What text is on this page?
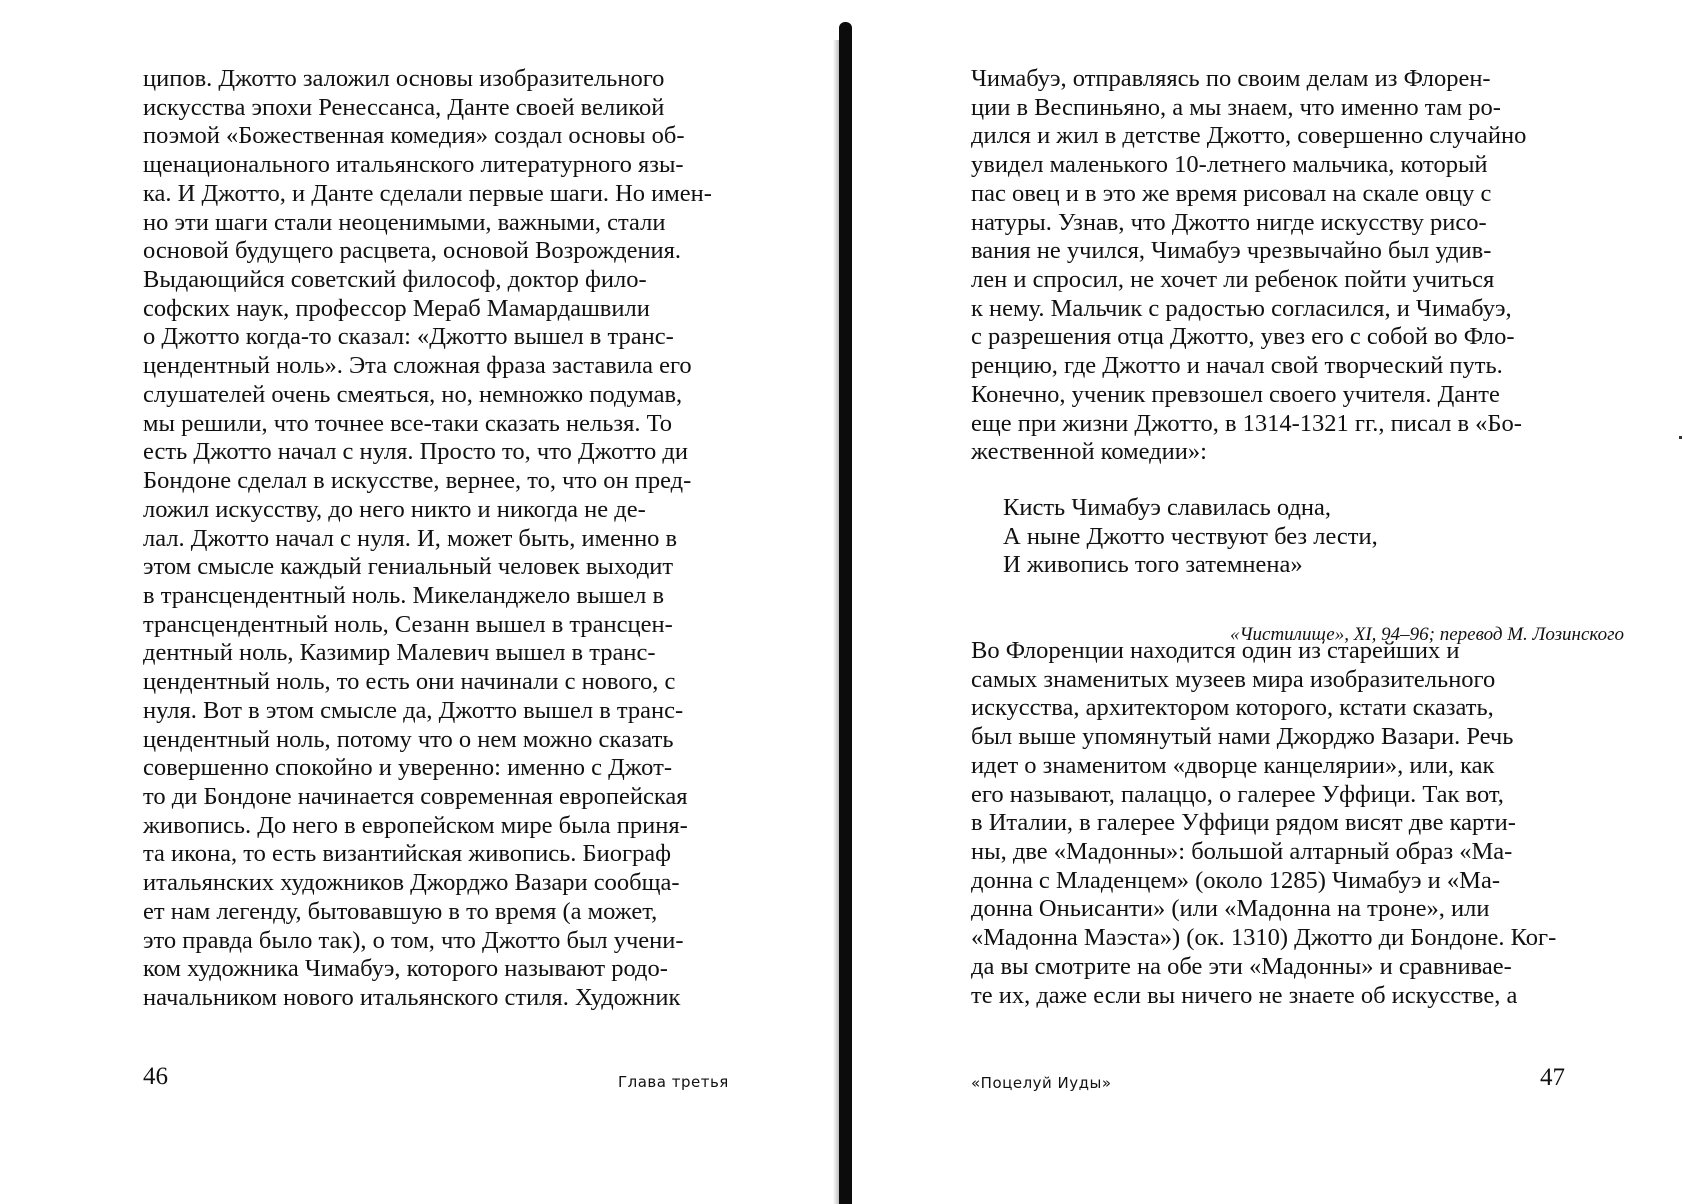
ципов. Джотто заложил основы изобразительного
искусства эпохи Ренессанса, Данте своей великой
поэмой «Божественная комедия» создал основы об-
щенационального итальянского литературного язы-
ка. И Джотто, и Данте сделали первые шаги. Но имен-
но эти шаги стали неоценимыми, важными, стали
основой будущего расцвета, основой Возрождения.
Выдающийся советский философ, доктор фило-
софских наук, профессор Мераб Мамардашвили
о Джотто когда-то сказал: «Джотто вышел в транс-
цендентный ноль». Эта сложная фраза заставила его
слушателей очень смеяться, но, немножко подумав,
мы решили, что точнее все-таки сказать нельзя. То
есть Джотто начал с нуля. Просто то, что Джотто ди
Бондоне сделал в искусстве, вернее, то, что он пред-
ложил искусству, до него никто и никогда не де-
лал. Джотто начал с нуля. И, может быть, именно в
этом смысле каждый гениальный человек выходит
в трансцендентный ноль. Микеланджело вышел в
трансцендентный ноль, Сезанн вышел в трансцен-
дентный ноль, Казимир Малевич вышел в транс-
цендентный ноль, то есть они начинали с нового, с
нуля. Вот в этом смысле да, Джотто вышел в транс-
цендентный ноль, потому что о нем можно сказать
совершенно спокойно и уверенно: именно с Джот-
то ди Бондоне начинается современная европейская
живопись. До него в европейском мире была приня-
та икона, то есть византийская живопись. Биограф
итальянских художников Джорджо Вазари сообща-
ет нам легенду, бытовавшую в то время (а может,
это правда было так), о том, что Джотто был учени-
ком художника Чимабуэ, которого называют родо-
начальником нового итальянского стиля. Художник
46	Глава третья
Чимабуэ, отправляясь по своим делам из Флорен-
ции в Веспиньяно, а мы знаем, что именно там ро-
дился и жил в детстве Джотто, совершенно случайно
увидел маленького 10-летнего мальчика, который
пас овец и в это же время рисовал на скале овцу с
натуры. Узнав, что Джотто нигде искусству рисо-
вания не учился, Чимабуэ чрезвычайно был удив-
лен и спросил, не хочет ли ребенок пойти учиться
к нему. Мальчик с радостью согласился, и Чимабуэ,
с разрешения отца Джотто, увез его с собой во Фло-
ренцию, где Джотто и начал свой творческий путь.
Конечно, ученик превзошел своего учителя. Данте
еще при жизни Джотто, в 1314-1321 гг., писал в «Бо-
жественной комедии»:
Кисть Чимабуэ славилась одна,
А ныне Джотто чествуют без лести,
И живопись того затемнена»
«Чистилище», XI, 94–96; перевод М. Лозинского
Во Флоренции находится один из старейших и
самых знаменитых музеев мира изобразительного
искусства, архитектором которого, кстати сказать,
был выше упомянутый нами Джорджо Вазари. Речь
идет о знаменитом «дворце канцелярии», или, как
его называют, палаццо, о галерее Уффици. Так вот,
в Италии, в галерее Уффици рядом висят две карти-
ны, две «Мадонны»: большой алтарный образ «Ма-
донна с Младенцем» (около 1285) Чимабуэ и «Ма-
донна Оньисанти» (или «Мадонна на троне», или
«Мадонна Маэста») (ок. 1310) Джотто ди Бондоне. Ког-
да вы смотрите на обе эти «Мадонны» и сравнивае-
те их, даже если вы ничего не знаете об искусстве, а
«Поцелуй Иуды»	47
